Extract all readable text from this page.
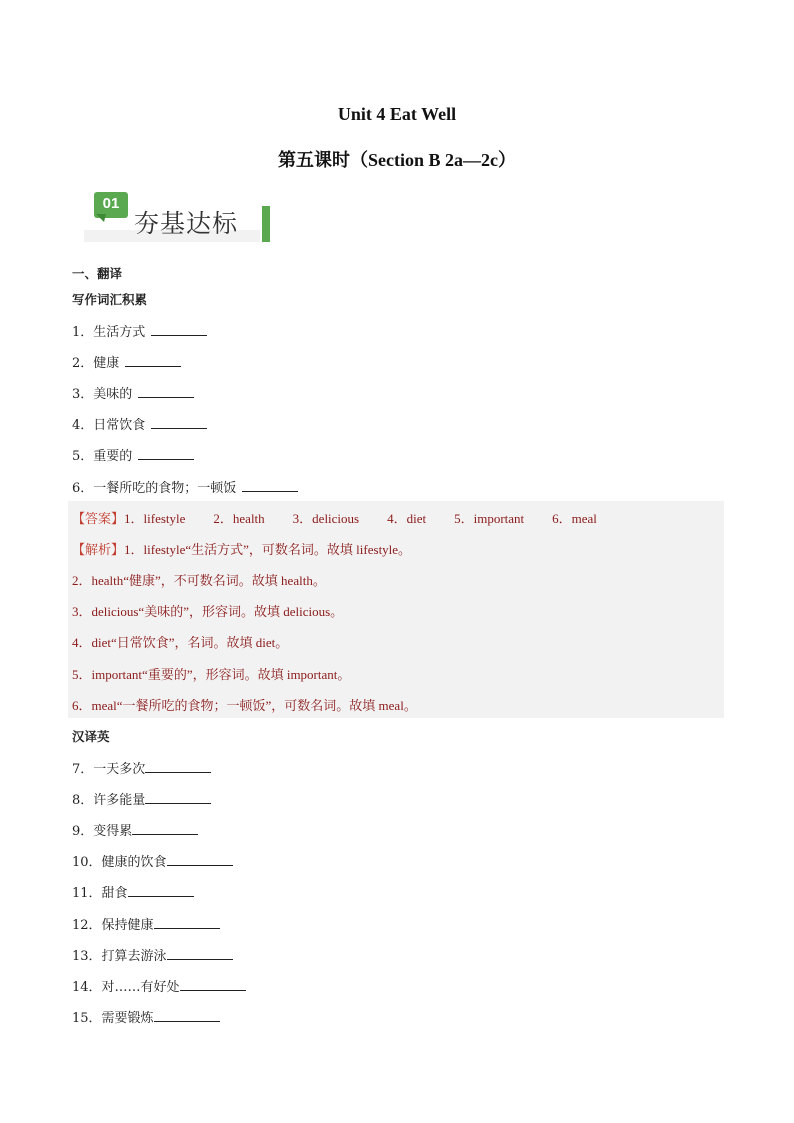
Unit 4 Eat Well
第五课时（Section B 2a—2c）
01
夯基达标
一、翻译
写作词汇积累
1．生活方式
2．健康
3．美味的
4．日常饮食
5．重要的
6．一餐所吃的食物；一顿饭
【答案】1．lifestyle 2．health 3．delicious 4．diet 5．important 6．meal
【解析】1．lifestyle“生活方式”，可数名词。故填 lifestyle。
2．health“健康”，不可数名词。故填 health。
3．delicious“美味的”，形容词。故填 delicious。
4．diet“日常饮食”，名词。故填 diet。
5．important“重要的”，形容词。故填 important。
6．meal“一餐所吃的食物；一顿饭”，可数名词。故填 meal。
汉译英
7．一天多次
8．许多能量
9．变得累
10．健康的饮食
11．甜食
12．保持健康
13．打算去游泳
14．对……有好处
15．需要锻炼
